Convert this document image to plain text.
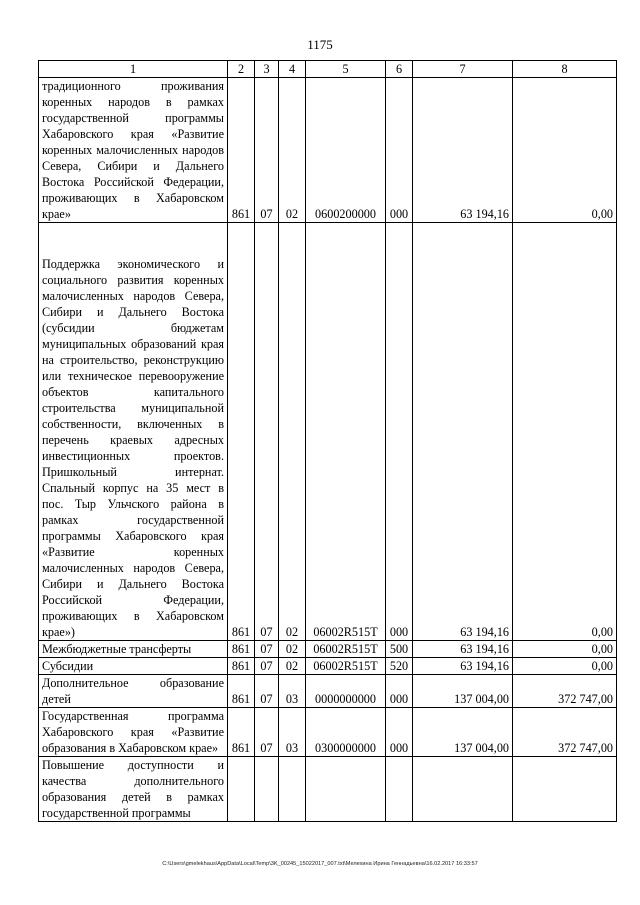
1175
1	2	3	4	5	6	7	8
традиционного проживания коренных народов в рамках государственной программы Хабаровского края «Развитие коренных малочисленных народов Севера, Сибири и Дальнего Востока Российской Федерации, проживающих в Хабаровском крае»	861	07	02	0600200000	000	63 194,16	0,00
Поддержка экономического и социального развития коренных малочисленных народов Севера, Сибири и Дальнего Востока (субсидии бюджетам муниципальных образований края на строительство, реконструкцию или техническое перевооружение объектов капитального строительства муниципальной собственности, включенных в перечень краевых адресных инвестиционных проектов. Пришкольный интернат. Спальный корпус на 35 мест в пос. Тыр Ульчского района в рамках государственной программы Хабаровского края «Развитие коренных малочисленных народов Севера, Сибири и Дальнего Востока Российской Федерации, проживающих в Хабаровском крае»)	861	07	02	06002R515T	000	63 194,16	0,00
Межбюджетные трансферты	861	07	02	06002R515T	500	63 194,16	0,00
Субсидии	861	07	02	06002R515T	520	63 194,16	0,00
Дополнительное образование детей	861	07	03	0000000000	000	137 004,00	372 747,00
Государственная программа Хабаровского края «Развитие образования в Хабаровском крае»	861	07	03	0300000000	000	137 004,00	372 747,00
Повышение доступности и качества дополнительного образования детей в рамках государственной программы							
C:\Users\gmelekhaus\AppData\Local\Temp\3K_00245_15022017_007.txt\Мелехина Ирина Геннадьевна\16.02.2017 16:33:57
